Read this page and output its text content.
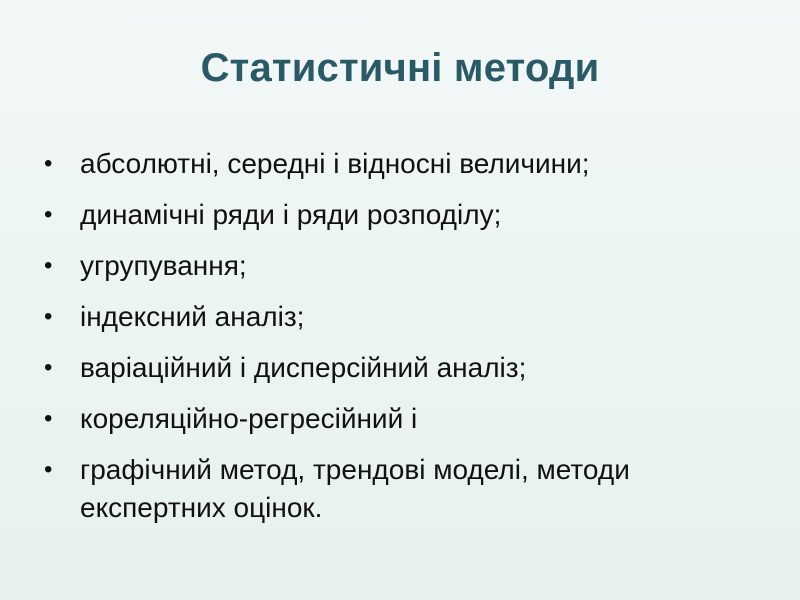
Статистичні методи
• абсолютні, середні і відносні величини;
• динамічні ряди і ряди розподілу;
• угрупування;
• індексний аналіз;
• варіаційний і дисперсійний аналіз;
• кореляційно-регресійний і
• графічний метод, трендові моделі, методи експертних оцінок.
